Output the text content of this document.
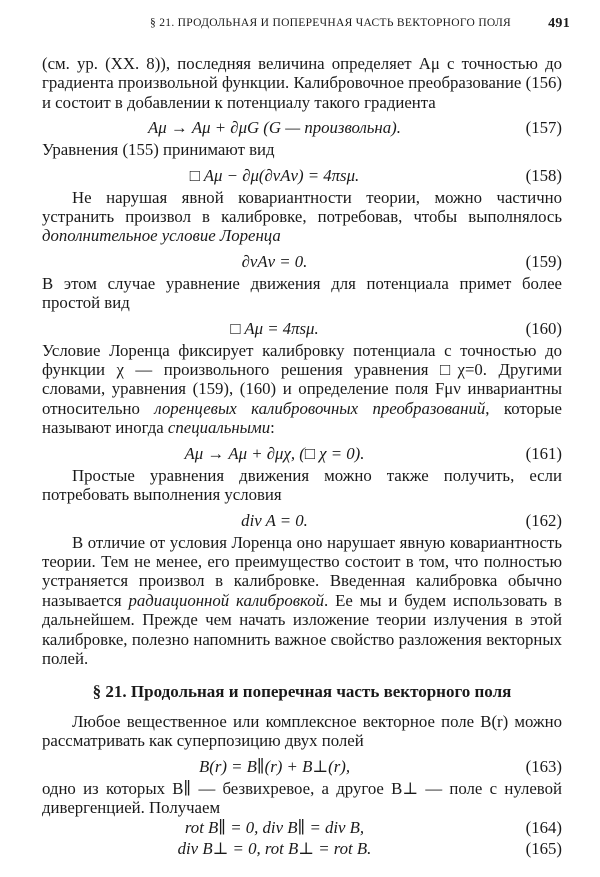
§ 21. ПРОДОЛЬНАЯ И ПОПЕРЕЧНАЯ ЧАСТЬ ВЕКТОРНОГО ПОЛЯ	491

(см. ур. (XX. 8)), последняя величина определяет Aμ с точностью до градиента произвольной функции. Калибровочное преобразование (156) и состоит в добавлении к потенциалу такого градиента

Aμ → Aμ + ∂μG (G — произвольна).	(157)

Уравнения (155) принимают вид

□ Aμ − ∂μ(∂νAν) = 4πsμ.	(158)

Не нарушая явной ковариантности теории, можно частично устранить произвол в калибровке, потребовав, чтобы выполнялось дополнительное условие Лоренца

∂νAν = 0.	(159)

В этом случае уравнение движения для потенциала примет более простой вид

□ Aμ = 4πsμ.	(160)

Условие Лоренца фиксирует калибровку потенциала с точностью до функции χ — произвольного решения уравнения □χ=0. Другими словами, уравнения (159), (160) и определение поля Fμν инвариантны относительно лоренцевых калибровочных преобразований, которые называют иногда специальными:

Aμ → Aμ + ∂μχ, (□ χ = 0).	(161)

Простые уравнения движения можно также получить, если потребовать выполнения условия

div A = 0.	(162)

В отличие от условия Лоренца оно нарушает явную ковариантность теории. Тем не менее, его преимущество состоит в том, что полностью устраняется произвол в калибровке. Введенная калибровка обычно называется радиационной калибровкой. Ее мы и будем использовать в дальнейшем. Прежде чем начать изложение теории излучения в этой калибровке, полезно напомнить важное свойство разложения векторных полей.

§ 21. Продольная и поперечная часть векторного поля

Любое вещественное или комплексное векторное поле B(r) можно рассматривать как суперпозицию двух полей

B(r) = B∥(r) + B⊥(r),	(163)

одно из которых B∥ — безвихревое, а другое B⊥ — поле с нулевой дивергенцией. Получаем

rot B∥ = 0, div B∥ = div B,	(164)
div B⊥ = 0, rot B⊥ = rot B.	(165)
